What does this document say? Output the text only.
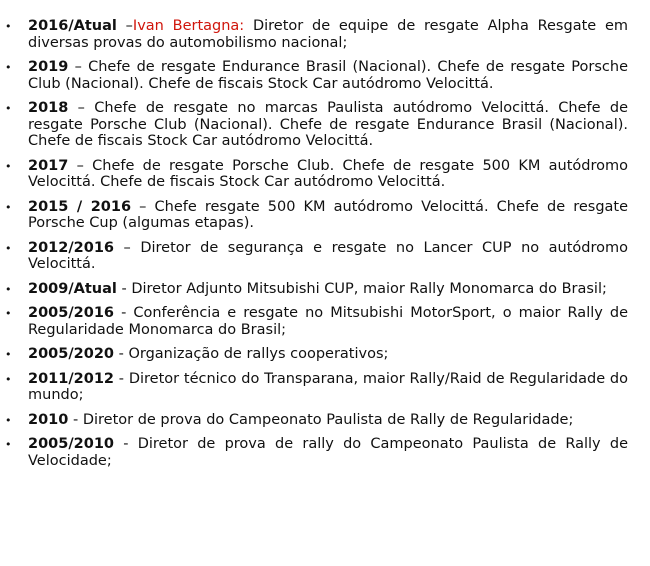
• 2016/Atual –Ivan Bertagna: Diretor de equipe de resgate Alpha Resgate em diversas provas do automobilismo nacional;
• 2019 – Chefe de resgate Endurance Brasil (Nacional). Chefe de resgate Porsche Club (Nacional). Chefe de fiscais Stock Car autódromo Velocittá.
• 2018 – Chefe de resgate no marcas Paulista autódromo Velocittá. Chefe de resgate Porsche Club (Nacional). Chefe de resgate Endurance Brasil (Nacional). Chefe de fiscais Stock Car autódromo Velocittá.
• 2017 – Chefe de resgate Porsche Club. Chefe de resgate 500 KM autódromo Velocittá. Chefe de fiscais Stock Car autódromo Velocittá.
• 2015 / 2016 – Chefe resgate 500 KM autódromo Velocittá. Chefe de resgate Porsche Cup (algumas etapas).
• 2012/2016 – Diretor de segurança e resgate no Lancer CUP no autódromo Velocittá.
• 2009/Atual - Diretor Adjunto Mitsubishi CUP, maior Rally Monomarca do Brasil;
• 2005/2016 - Conferência e resgate no Mitsubishi MotorSport, o maior Rally de Regularidade Monomarca do Brasil;
• 2005/2020 - Organização de rallys cooperativos;
• 2011/2012 - Diretor técnico do Transparana, maior Rally/Raid de Regularidade do mundo;
• 2010 - Diretor de prova do Campeonato Paulista de Rally de Regularidade;
• 2005/2010 - Diretor de prova de rally do Campeonato Paulista de Rally de Velocidade;
